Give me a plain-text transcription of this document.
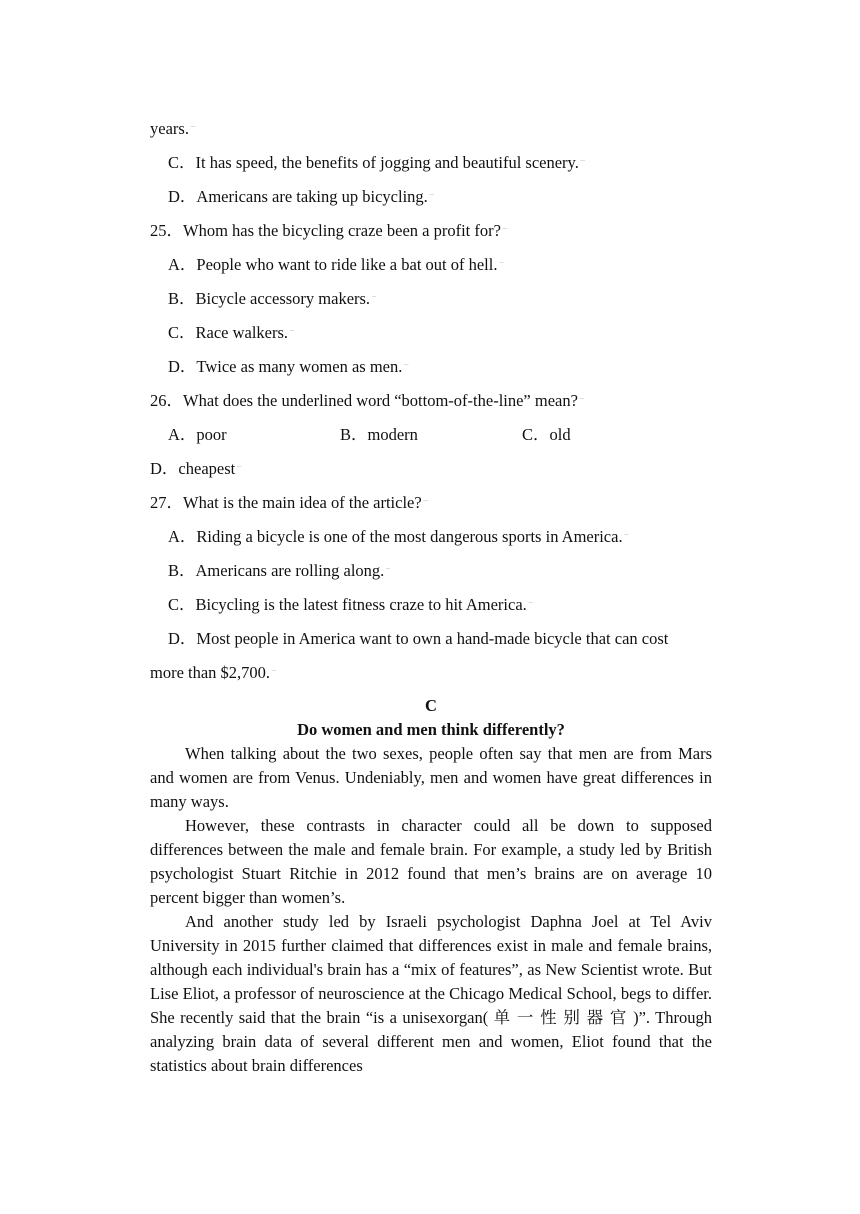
years.⁻
C．It has speed, the benefits of jogging and beautiful scenery.⁻
D．Americans are taking up bicycling.⁻
25．Whom has the bicycling craze been a profit for?⁻
A．People who want to ride like a bat out of hell.⁻
B．Bicycle accessory makers.⁻
C．Race walkers.⁻
D．Twice as many women as men.⁻
26．What does the underlined word “bottom-of-the-line” mean?⁻
A．poor	B．modern	C．old
D．cheapest⁻
27．What is the main idea of the article?⁻
A．Riding a bicycle is one of the most dangerous sports in America.⁻
B．Americans are rolling along.⁻
C．Bicycling is the latest fitness craze to hit America.⁻
D．Most people in America want to own a hand-made bicycle that can cost
more than $2,700.⁻
C
Do women and men think differently?

When talking about the two sexes, people often say that men are from Mars and women are from Venus. Undeniably, men and women have great differences in many ways.

However, these contrasts in character could all be down to supposed differences between the male and female brain. For example, a study led by British psychologist Stuart Ritchie in 2012 found that men’s brains are on average 10 percent bigger than women’s.

And another study led by Israeli psychologist Daphna Joel at Tel Aviv University in 2015 further claimed that differences exist in male and female brains, although each individual's brain has a “mix of features”, as New Scientist wrote. But Lise Eliot, a professor of neuroscience at the Chicago Medical School, begs to differ. She recently said that the brain “is a unisexorgan( 单 一 性 别 器 官 )”. Through analyzing brain data of several different men and women, Eliot found that the statistics about brain differences
